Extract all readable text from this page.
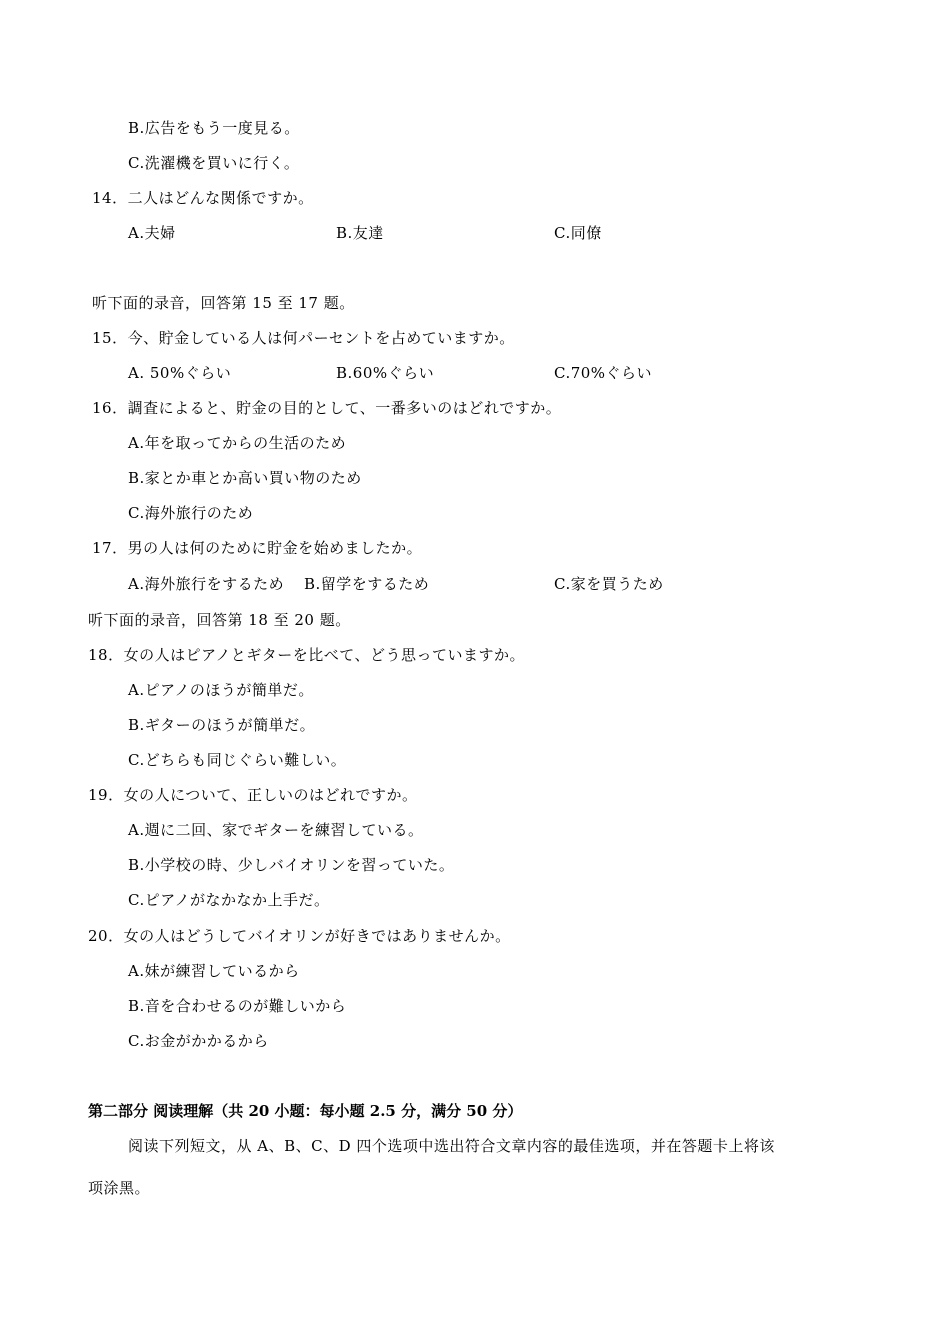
B.広告をもう一度見る。
C.洗濯機を買いに行く。
14．二人はどんな関係ですか。
A.夫婦	B.友達	C.同僚
听下面的录音，回答第 15 至 17 题。
15．今、貯金している人は何パーセントを占めていますか。
A. 50%ぐらい	B.60%ぐらい	C.70%ぐらい
16．調査によると、貯金の目的として、一番多いのはどれですか。
A.年を取ってからの生活のため
B.家とか車とか高い買い物のため
C.海外旅行のため
17．男の人は何のために貯金を始めましたか。
A.海外旅行をするため B.留学をするため	C.家を買うため
听下面的录音，回答第 18 至 20 题。
18．女の人はピアノとギターを比べて、どう思っていますか。
A.ピアノのほうが簡単だ。
B.ギターのほうが簡単だ。
C.どちらも同じぐらい難しい。
19．女の人について、正しいのはどれですか。
A.週に二回、家でギターを練習している。
B.小学校の時、少しバイオリンを習っていた。
C.ピアノがなかなか上手だ。
20．女の人はどうしてバイオリンが好きではありませんか。
A.妹が練習しているから
B.音を合わせるのが難しいから
C.お金がかかるから
第二部分 阅读理解（共 20 小题：每小题 2.5 分，满分 50 分）
阅读下列短文，从 A、B、C、D 四个选项中选出符合文章内容的最佳选项，并在答题卡上将该
项涂黑。
